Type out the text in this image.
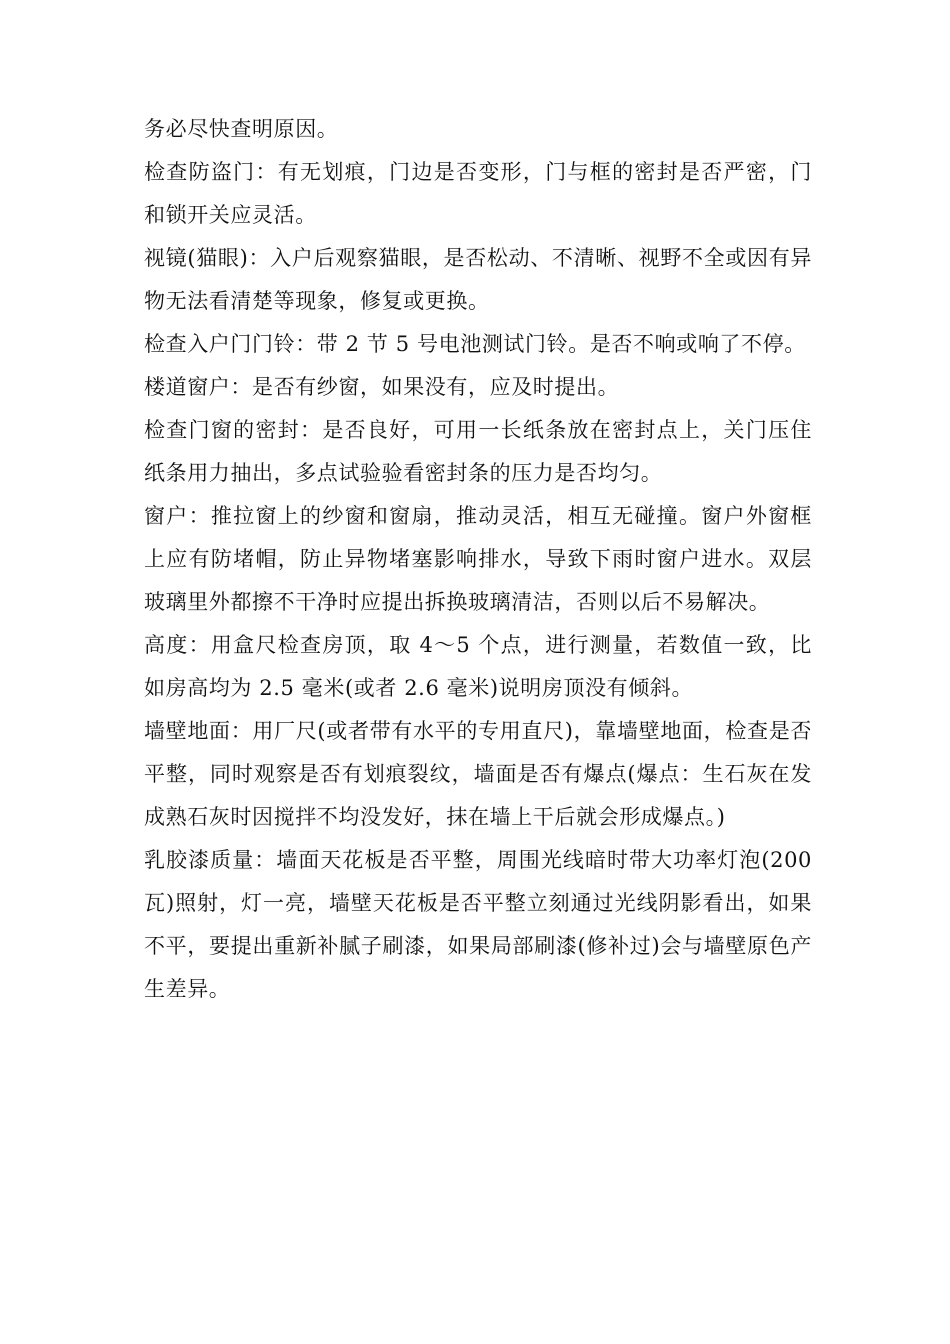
务必尽快查明原因。

检查防盗门：有无划痕，门边是否变形，门与框的密封是否严密，门和锁开关应灵活。

视镜(猫眼)：入户后观察猫眼，是否松动、不清晰、视野不全或因有异物无法看清楚等现象，修复或更换。

检查入户门门铃：带 2 节 5 号电池测试门铃。是否不响或响了不停。

楼道窗户：是否有纱窗，如果没有，应及时提出。

检查门窗的密封：是否良好，可用一长纸条放在密封点上，关门压住纸条用力抽出，多点试验验看密封条的压力是否均匀。

窗户：推拉窗上的纱窗和窗扇，推动灵活，相互无碰撞。窗户外窗框上应有防堵帽，防止异物堵塞影响排水，导致下雨时窗户进水。双层玻璃里外都擦不干净时应提出拆换玻璃清洁，否则以后不易解决。

高度：用盒尺检查房顶，取 4～5 个点，进行测量，若数值一致，比如房高均为 2.5 毫米(或者 2.6 毫米)说明房顶没有倾斜。

墙壁地面：用厂尺(或者带有水平的专用直尺)，靠墙壁地面，检查是否平整，同时观察是否有划痕裂纹，墙面是否有爆点(爆点：生石灰在发成熟石灰时因搅拌不均没发好，抹在墙上干后就会形成爆点。)

乳胶漆质量：墙面天花板是否平整，周围光线暗时带大功率灯泡(200瓦)照射，灯一亮，墙壁天花板是否平整立刻通过光线阴影看出，如果不平，要提出重新补腻子刷漆，如果局部刷漆(修补过)会与墙壁原色产生差异。
